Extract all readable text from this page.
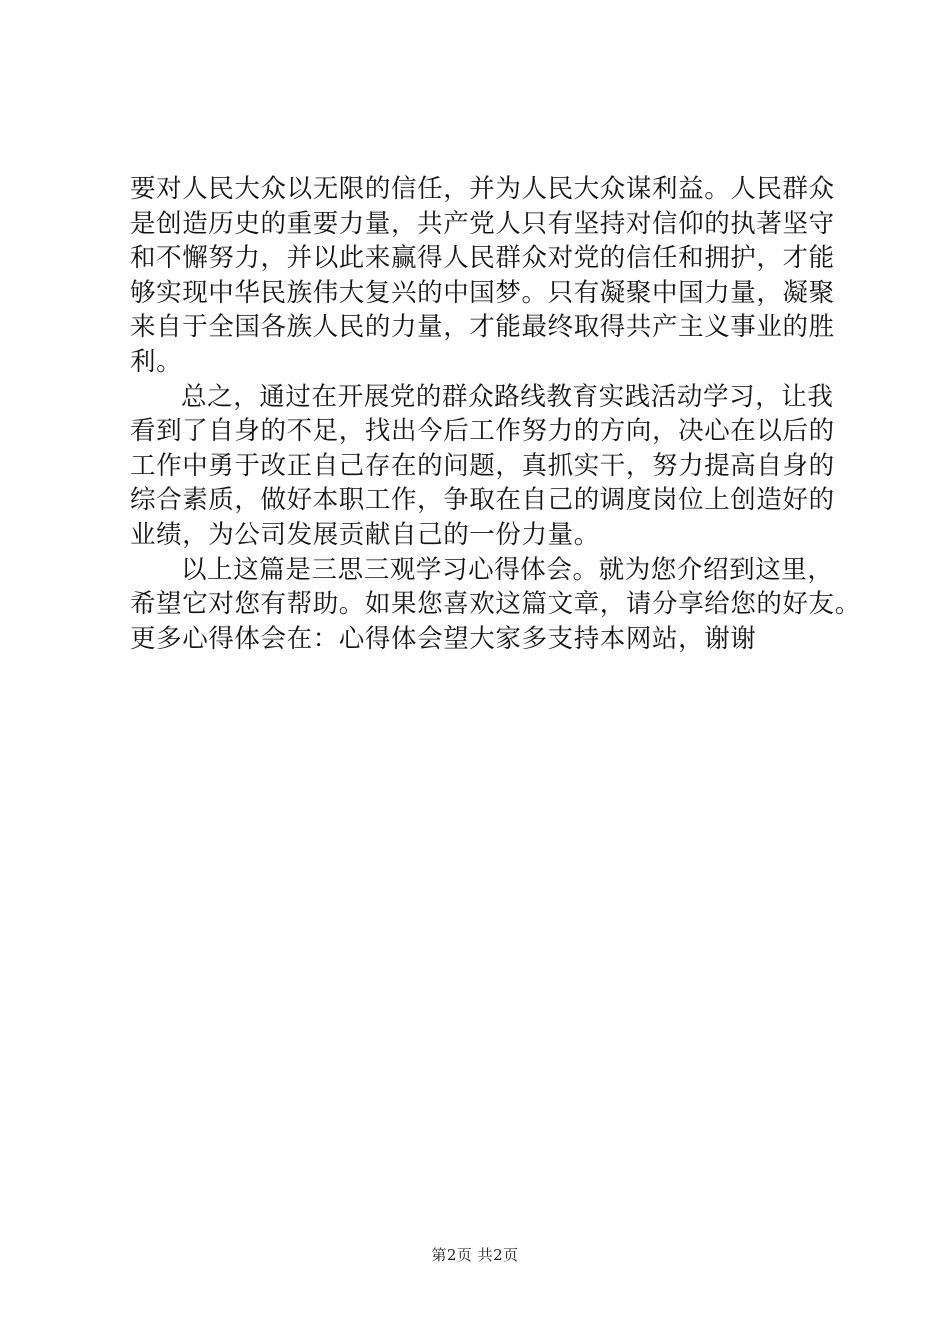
要对人民大众以无限的信任，并为人民大众谋利益。人民群众
是创造历史的重要力量，共产党人只有坚持对信仰的执著坚守
和不懈努力，并以此来赢得人民群众对党的信任和拥护，才能
够实现中华民族伟大复兴的中国梦。只有凝聚中国力量，凝聚
来自于全国各族人民的力量，才能最终取得共产主义事业的胜
利。
总之，通过在开展党的群众路线教育实践活动学习，让我
看到了自身的不足，找出今后工作努力的方向，决心在以后的
工作中勇于改正自己存在的问题，真抓实干，努力提高自身的
综合素质，做好本职工作，争取在自己的调度岗位上创造好的
业绩，为公司发展贡献自己的一份力量。
以上这篇是三思三观学习心得体会。就为您介绍到这里，
希望它对您有帮助。如果您喜欢这篇文章，请分享给您的好友。
更多心得体会在：心得体会望大家多支持本网站，谢谢
第2页 共2页
